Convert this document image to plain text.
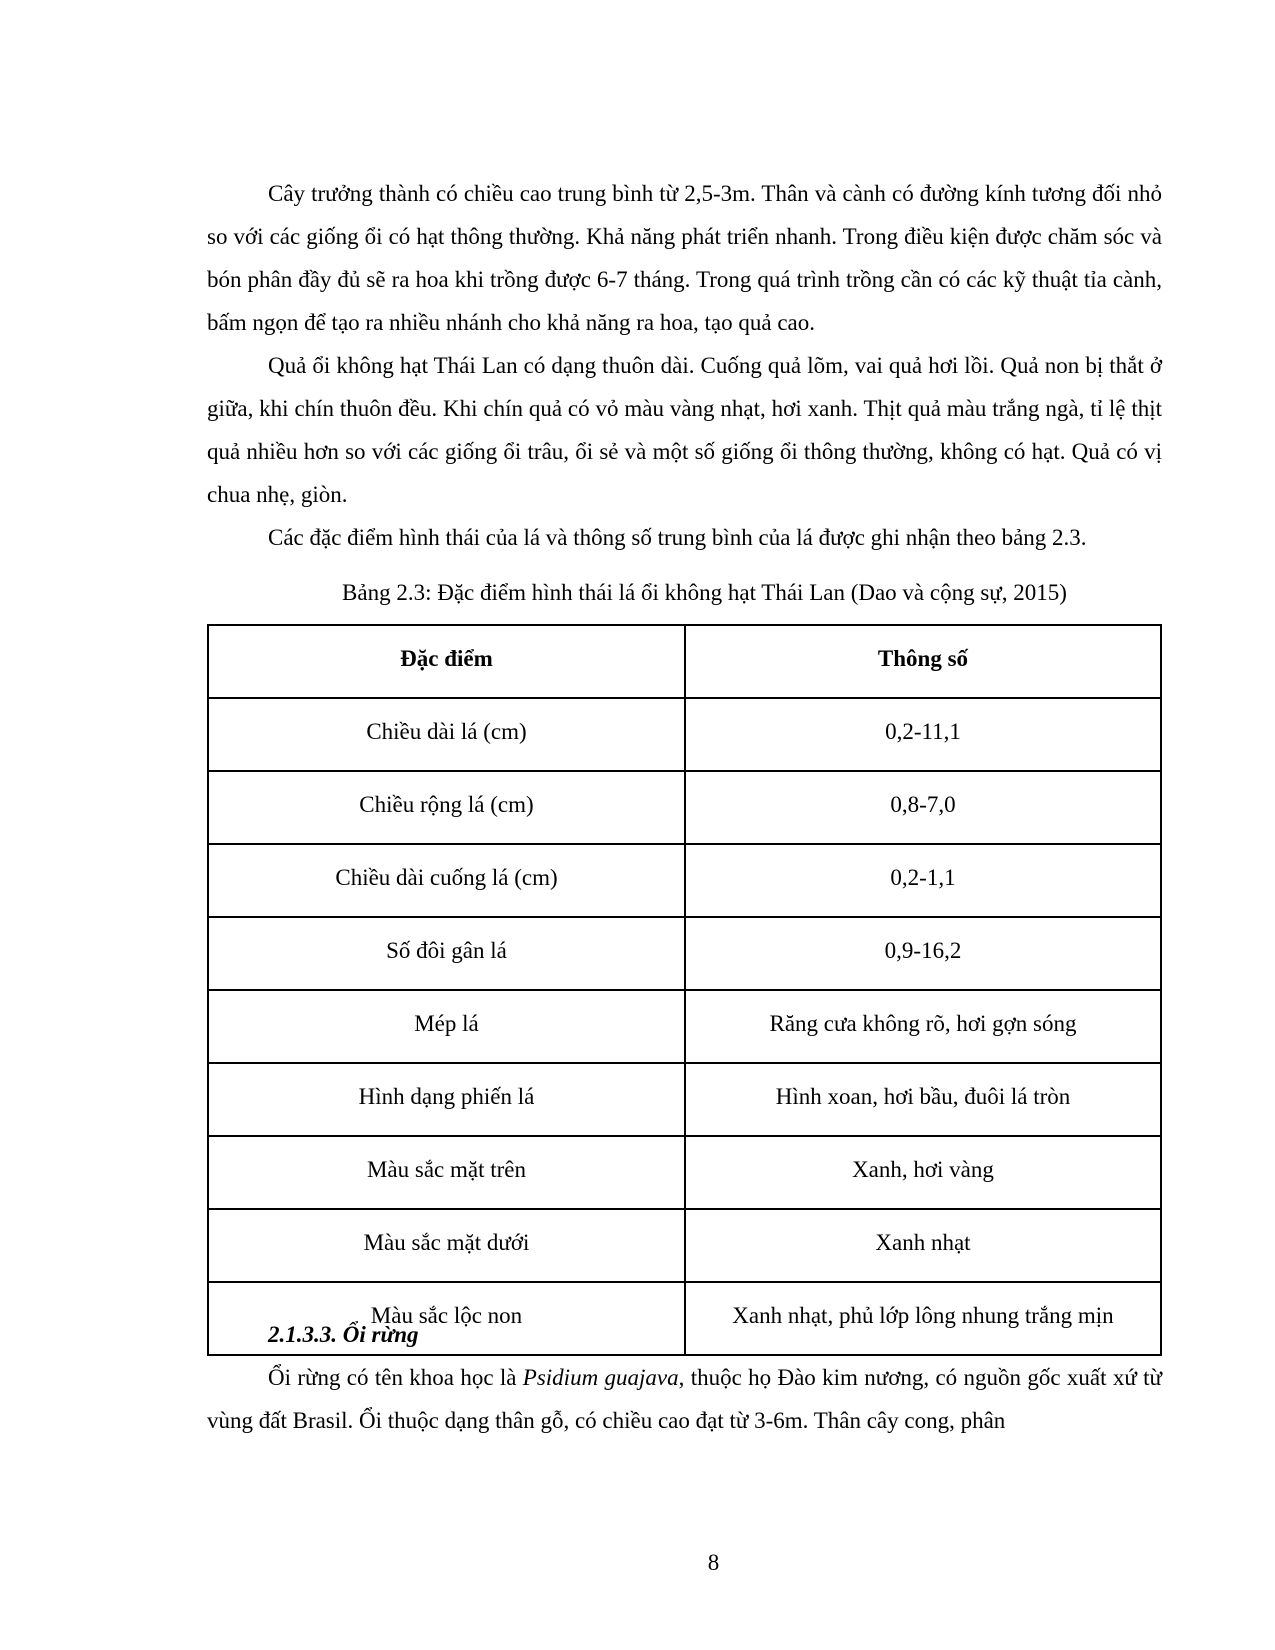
Cây trưởng thành có chiều cao trung bình từ 2,5-3m. Thân và cành có đường kính tương đối nhỏ so với các giống ổi có hạt thông thường. Khả năng phát triển nhanh. Trong điều kiện được chăm sóc và bón phân đầy đủ sẽ ra hoa khi trồng được 6-7 tháng. Trong quá trình trồng cần có các kỹ thuật tỉa cành, bấm ngọn để tạo ra nhiều nhánh cho khả năng ra hoa, tạo quả cao.

Quả ổi không hạt Thái Lan có dạng thuôn dài. Cuống quả lõm, vai quả hơi lồi. Quả non bị thắt ở giữa, khi chín thuôn đều. Khi chín quả có vỏ màu vàng nhạt, hơi xanh. Thịt quả màu trắng ngà, tỉ lệ thịt quả nhiều hơn so với các giống ổi trâu, ổi sẻ và một số giống ổi thông thường, không có hạt. Quả có vị chua nhẹ, giòn.

Các đặc điểm hình thái của lá và thông số trung bình của lá được ghi nhận theo bảng 2.3.

Bảng 2.3: Đặc điểm hình thái lá ổi không hạt Thái Lan (Dao và cộng sự, 2015)

Đặc điểm	Thông số
Chiều dài lá (cm)	0,2-11,1
Chiều rộng lá (cm)	0,8-7,0
Chiều dài cuống lá (cm)	0,2-1,1
Số đôi gân lá	0,9-16,2
Mép lá	Răng cưa không rõ, hơi gợn sóng
Hình dạng phiến lá	Hình xoan, hơi bầu, đuôi lá tròn
Màu sắc mặt trên	Xanh, hơi vàng
Màu sắc mặt dưới	Xanh nhạt
Màu sắc lộc non	Xanh nhạt, phủ lớp lông nhung trắng mịn

2.1.3.3. Ổi rừng

Ổi rừng có tên khoa học là Psidium guajava, thuộc họ Đào kim nương, có nguồn gốc xuất xứ từ vùng đất Brasil. Ổi thuộc dạng thân gỗ, có chiều cao đạt từ 3-6m. Thân cây cong, phân

8
